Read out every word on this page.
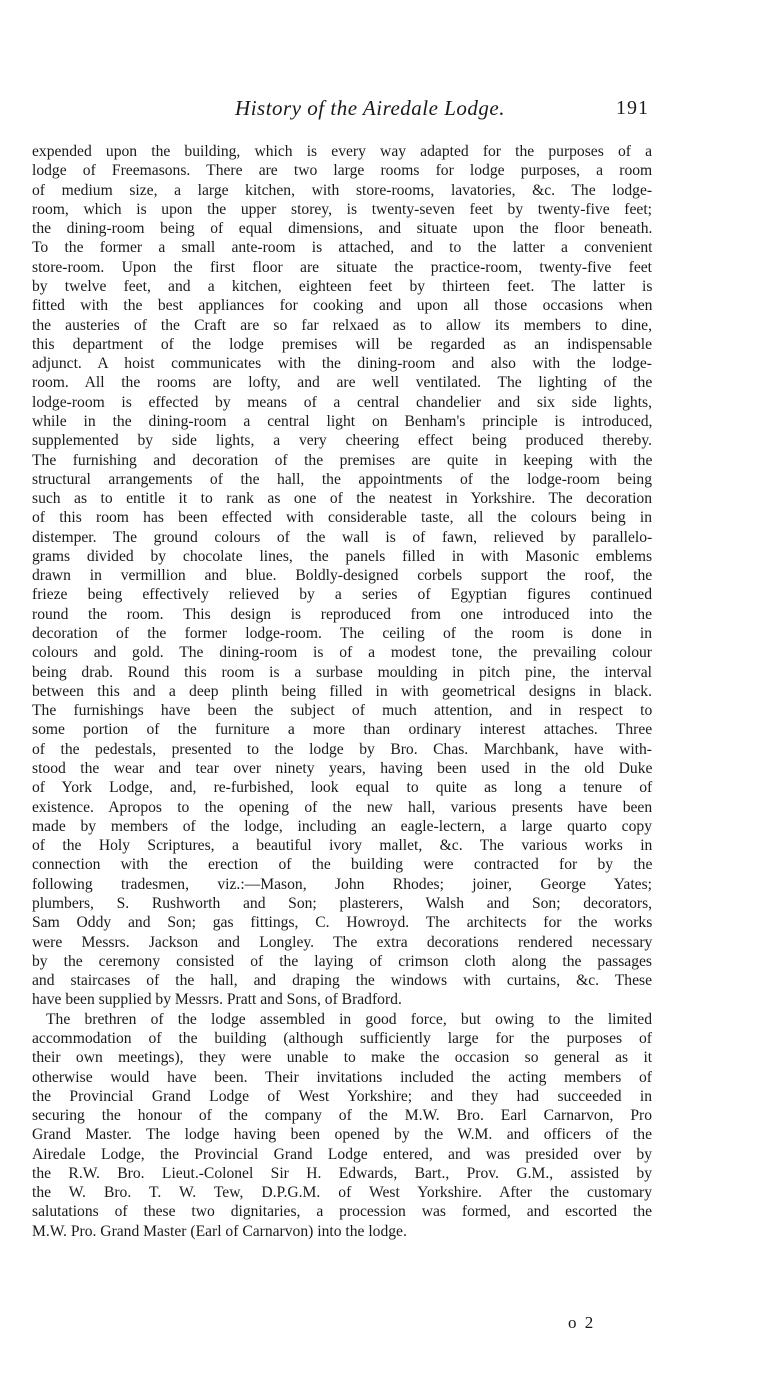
History of the Airedale Lodge.	191

expended upon the building, which is every way adapted for the purposes of a
lodge of Freemasons. There are two large rooms for lodge purposes, a room
of medium size, a large kitchen, with store-rooms, lavatories, &c. The lodge-
room, which is upon the upper storey, is twenty-seven feet by twenty-five feet;
the dining-room being of equal dimensions, and situate upon the floor beneath.
To the former a small ante-room is attached, and to the latter a convenient
store-room. Upon the first floor are situate the practice-room, twenty-five feet
by twelve feet, and a kitchen, eighteen feet by thirteen feet. The latter is
fitted with the best appliances for cooking and upon all those occasions when
the austeries of the Craft are so far relxaed as to allow its members to dine,
this department of the lodge premises will be regarded as an indispensable
adjunct. A hoist communicates with the dining-room and also with the lodge-
room. All the rooms are lofty, and are well ventilated. The lighting of the
lodge-room is effected by means of a central chandelier and six side lights,
while in the dining-room a central light on Benham's principle is introduced,
supplemented by side lights, a very cheering effect being produced thereby.
The furnishing and decoration of the premises are quite in keeping with the
structural arrangements of the hall, the appointments of the lodge-room being
such as to entitle it to rank as one of the neatest in Yorkshire. The decoration
of this room has been effected with considerable taste, all the colours being in
distemper. The ground colours of the wall is of fawn, relieved by parallelo-
grams divided by chocolate lines, the panels filled in with Masonic emblems
drawn in vermillion and blue. Boldly-designed corbels support the roof, the
frieze being effectively relieved by a series of Egyptian figures continued
round the room. This design is reproduced from one introduced into the
decoration of the former lodge-room. The ceiling of the room is done in
colours and gold. The dining-room is of a modest tone, the prevailing colour
being drab. Round this room is a surbase moulding in pitch pine, the interval
between this and a deep plinth being filled in with geometrical designs in black.
The furnishings have been the subject of much attention, and in respect to
some portion of the furniture a more than ordinary interest attaches. Three
of the pedestals, presented to the lodge by Bro. Chas. Marchbank, have with-
stood the wear and tear over ninety years, having been used in the old Duke
of York Lodge, and, re-furbished, look equal to quite as long a tenure of
existence. Apropos to the opening of the new hall, various presents have been
made by members of the lodge, including an eagle-lectern, a large quarto copy
of the Holy Scriptures, a beautiful ivory mallet, &c. The various works in
connection with the erection of the building were contracted for by the
following tradesmen, viz.:—Mason, John Rhodes; joiner, George Yates;
plumbers, S. Rushworth and Son; plasterers, Walsh and Son; decorators,
Sam Oddy and Son; gas fittings, C. Howroyd. The architects for the works
were Messrs. Jackson and Longley. The extra decorations rendered necessary
by the ceremony consisted of the laying of crimson cloth along the passages
and staircases of the hall, and draping the windows with curtains, &c. These
have been supplied by Messrs. Pratt and Sons, of Bradford.

The brethren of the lodge assembled in good force, but owing to the limited
accommodation of the building (although sufficiently large for the purposes of
their own meetings), they were unable to make the occasion so general as it
otherwise would have been. Their invitations included the acting members of
the Provincial Grand Lodge of West Yorkshire; and they had succeeded in
securing the honour of the company of the M.W. Bro. Earl Carnarvon, Pro
Grand Master. The lodge having been opened by the W.M. and officers of the
Airedale Lodge, the Provincial Grand Lodge entered, and was presided over by
the R.W. Bro. Lieut.-Colonel Sir H. Edwards, Bart., Prov. G.M., assisted by
the W. Bro. T. W. Tew, D.P.G.M. of West Yorkshire. After the customary
salutations of these two dignitaries, a procession was formed, and escorted the
M.W. Pro. Grand Master (Earl of Carnarvon) into the lodge.

o 2
